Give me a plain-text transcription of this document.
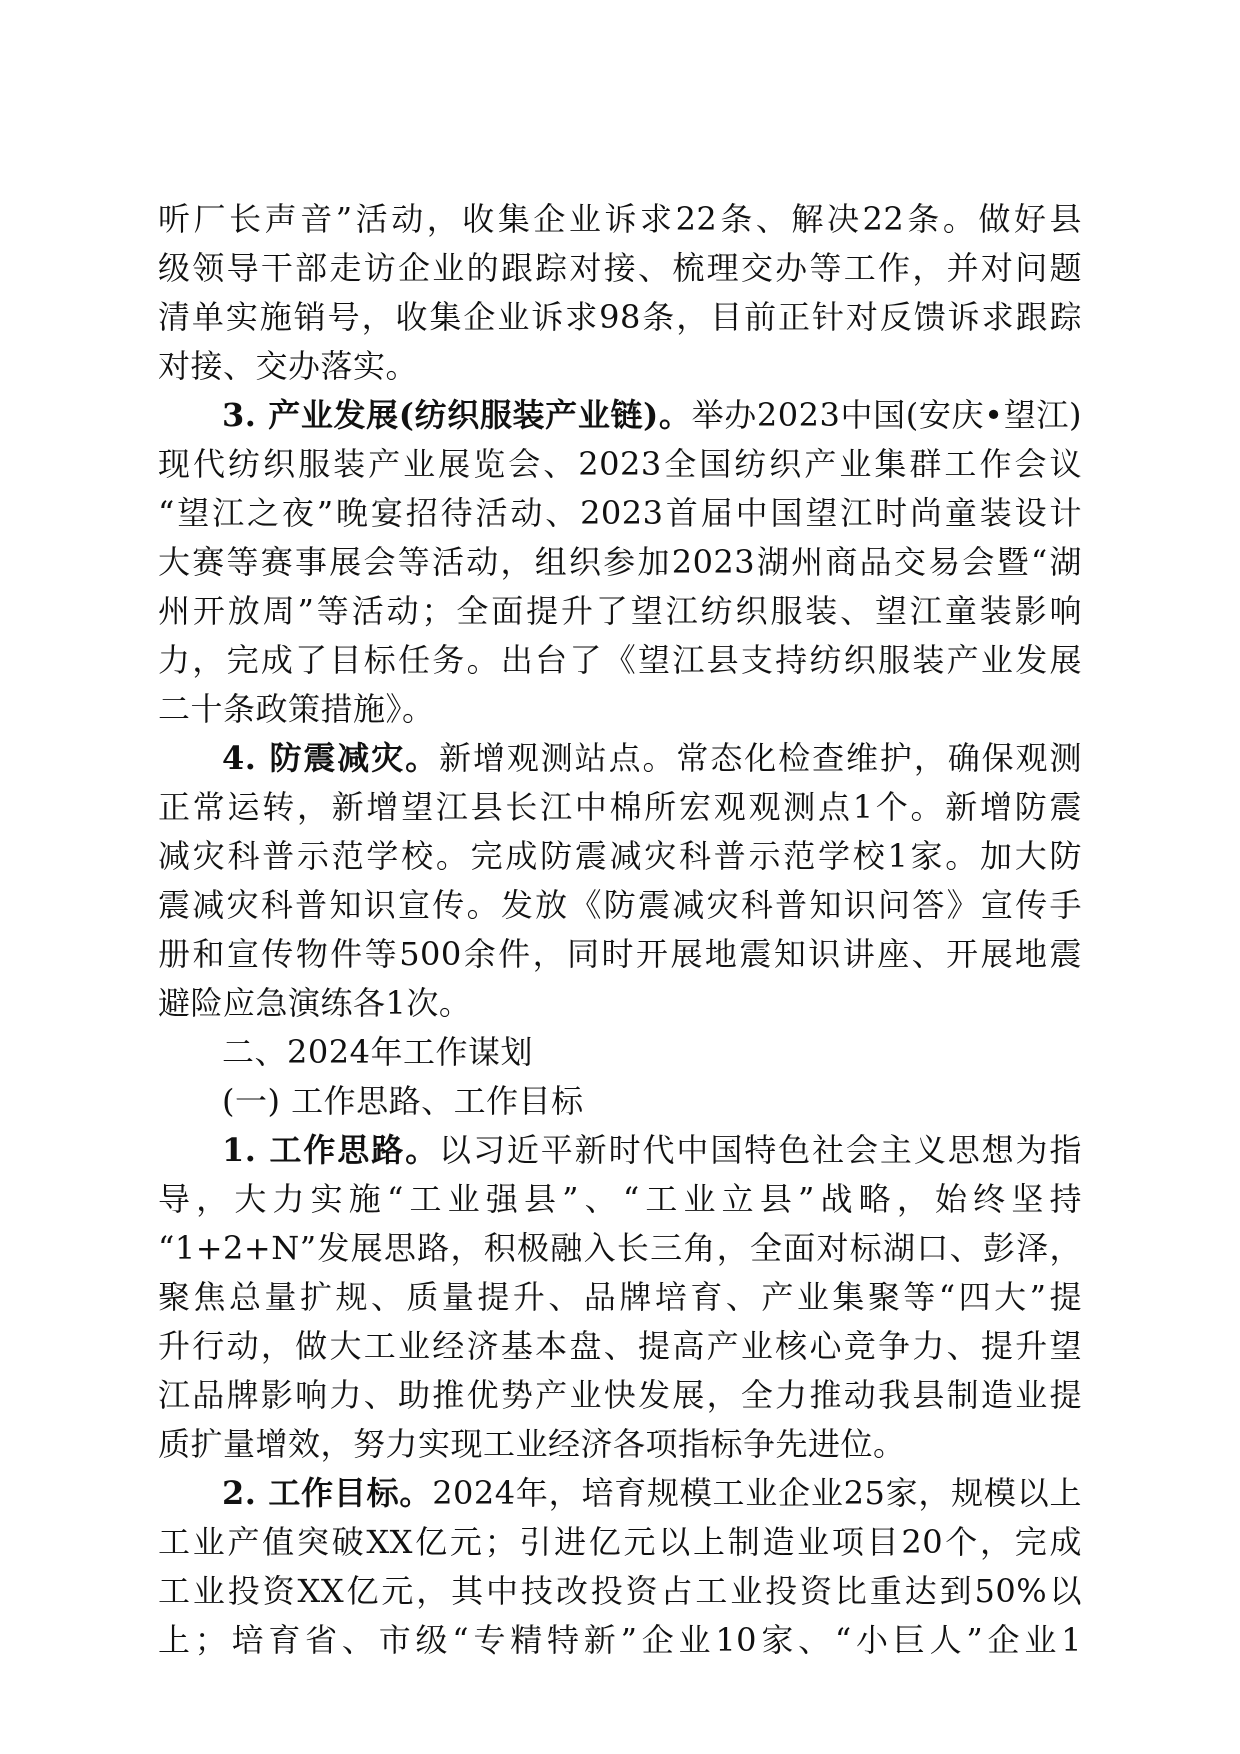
听厂长声音”活动，收集企业诉求22条、解决22条。做好县
级领导干部走访企业的跟踪对接、梳理交办等工作，并对问题
清单实施销号，收集企业诉求98条，目前正针对反馈诉求跟踪
对接、交办落实。
3. 产业发展(纺织服装产业链)。举办2023中国(安庆•望江)
现代纺织服装产业展览会、2023全国纺织产业集群工作会议
“望江之夜”晚宴招待活动、2023首届中国望江时尚童装设计
大赛等赛事展会等活动，组织参加2023湖州商品交易会暨“湖
州开放周”等活动；全面提升了望江纺织服装、望江童装影响
力，完成了目标任务。出台了《望江县支持纺织服装产业发展
二十条政策措施》。
4. 防震减灾。新增观测站点。常态化检查维护，确保观测
正常运转，新增望江县长江中棉所宏观观测点1个。新增防震
减灾科普示范学校。完成防震减灾科普示范学校1家。加大防
震减灾科普知识宣传。发放《防震减灾科普知识问答》宣传手
册和宣传物件等500余件，同时开展地震知识讲座、开展地震
避险应急演练各1次。
二、2024年工作谋划
(一) 工作思路、工作目标
1. 工作思路。以习近平新时代中国特色社会主义思想为指
导，大力实施“工业强县”、“工业立县”战略，始终坚持
“1+2+N”发展思路，积极融入长三角，全面对标湖口、彭泽，
聚焦总量扩规、质量提升、品牌培育、产业集聚等“四大”提
升行动，做大工业经济基本盘、提高产业核心竞争力、提升望
江品牌影响力、助推优势产业快发展，全力推动我县制造业提
质扩量增效，努力实现工业经济各项指标争先进位。
2. 工作目标。2024年，培育规模工业企业25家，规模以上
工业产值突破XX亿元；引进亿元以上制造业项目20个，完成
工业投资XX亿元，其中技改投资占工业投资比重达到50%以
上；培育省、市级“专精特新”企业10家、“小巨人”企业1
